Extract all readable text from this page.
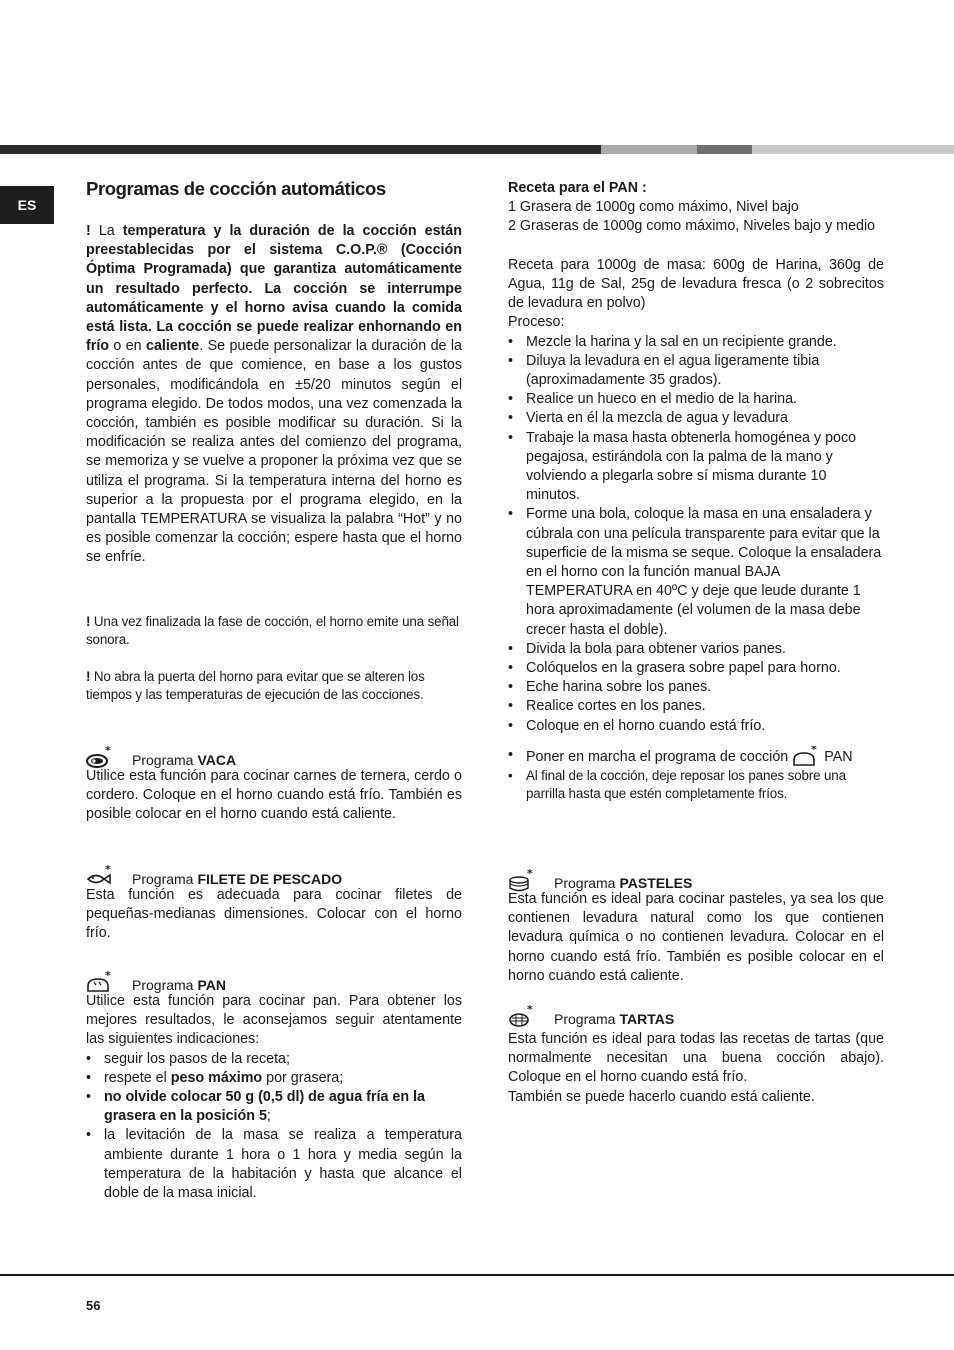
ES
Programas de cocción automáticos

! La temperatura y la duración de la cocción están preestablecidas por el sistema C.O.P.® (Cocción Óptima Programada) que garantiza automáticamente un resultado perfecto. La cocción se interrumpe automáticamente y el horno avisa cuando la comida está lista. La cocción se puede realizar enhornando en frío o en caliente. Se puede personalizar la duración de la cocción antes de que comience, en base a los gustos personales, modificándola en ±5/20 minutos según el programa elegido. De todos modos, una vez comenzada la cocción, también es posible modificar su duración. Si la modificación se realiza antes del comienzo del programa, se memoriza y se vuelve a proponer la próxima vez que se utiliza el programa. Si la temperatura interna del horno es superior a la propuesta por el programa elegido, en la pantalla TEMPERATURA se visualiza la palabra “Hot” y no es posible comenzar la cocción; espere hasta que el horno se enfríe.

! Una vez finalizada la fase de cocción, el horno emite una señal sonora.

! No abra la puerta del horno para evitar que se alteren los tiempos y las temperaturas de ejecución de las cocciones.

*
Programa VACA

Utilice esta función para cocinar carnes de ternera, cerdo o cordero. Coloque en el horno cuando está frío. También es posible colocar en el horno cuando está caliente.

*
Programa FILETE DE PESCADO

Esta función es adecuada para cocinar filetes de pequeñas-medianas dimensiones. Colocar con el horno frío.

*
Programa PAN

Utilice esta función para cocinar pan. Para obtener los mejores resultados, le aconsejamos seguir atentamente las siguientes indicaciones:

• seguir los pasos de la receta;
• respete el peso máximo por grasera;
• no olvide colocar 50 g (0,5 dl) de agua fría en la grasera en la posición 5;
• la levitación de la masa se realiza a temperatura ambiente durante 1 hora o 1 hora y media según la temperatura de la habitación y hasta que alcance el doble de la masa inicial.

Receta para el PAN :

1 Grasera de 1000g como máximo, Nivel bajo

2 Graseras de 1000g como máximo, Niveles bajo y medio

Receta para 1000g de masa: 600g de Harina, 360g de Agua, 11g de Sal, 25g de levadura fresca (o 2 sobrecitos de levadura en polvo)

Proceso:

• Mezcle la harina y la sal en un recipiente grande.
• Diluya la levadura en el agua ligeramente tibia (aproximadamente 35 grados).
• Realice un hueco en el medio de la harina.
• Vierta en él la mezcla de agua y levadura
• Trabaje la masa hasta obtenerla homogénea y poco pegajosa, estirándola con la palma de la mano y volviendo a plegarla sobre sí misma durante 10 minutos.
• Forme una bola, coloque la masa en una ensaladera y cúbrala con una película transparente para evitar que la superficie de la misma se seque. Coloque la ensaladera en el horno con la función manual BAJA TEMPERATURA en 40ºC y deje que leude durante 1 hora aproximadamente (el volumen de la masa debe crecer hasta el doble).
• Divida la bola para obtener varios panes.
• Colóquelos en la grasera sobre papel para horno.
• Eche harina sobre los panes.
• Realice cortes en los panes.
• Coloque en el horno cuando está frío.
• Poner en marcha el programa de cocción * PAN
• Al final de la cocción, deje reposar los panes sobre una parrilla hasta que estén completamente fríos.
*
Programa PASTELES

Esta función es ideal para cocinar pasteles, ya sea los que contienen levadura natural como los que contienen levadura química o no contienen levadura. Colocar en el horno cuando está frío. También es posible colocar en el horno cuando está caliente.

*
Programa TARTAS

Esta función es ideal para todas las recetas de tartas (que normalmente necesitan una buena cocción abajo). Coloque en el horno cuando está frío.

También se puede hacerlo cuando está caliente.

56
